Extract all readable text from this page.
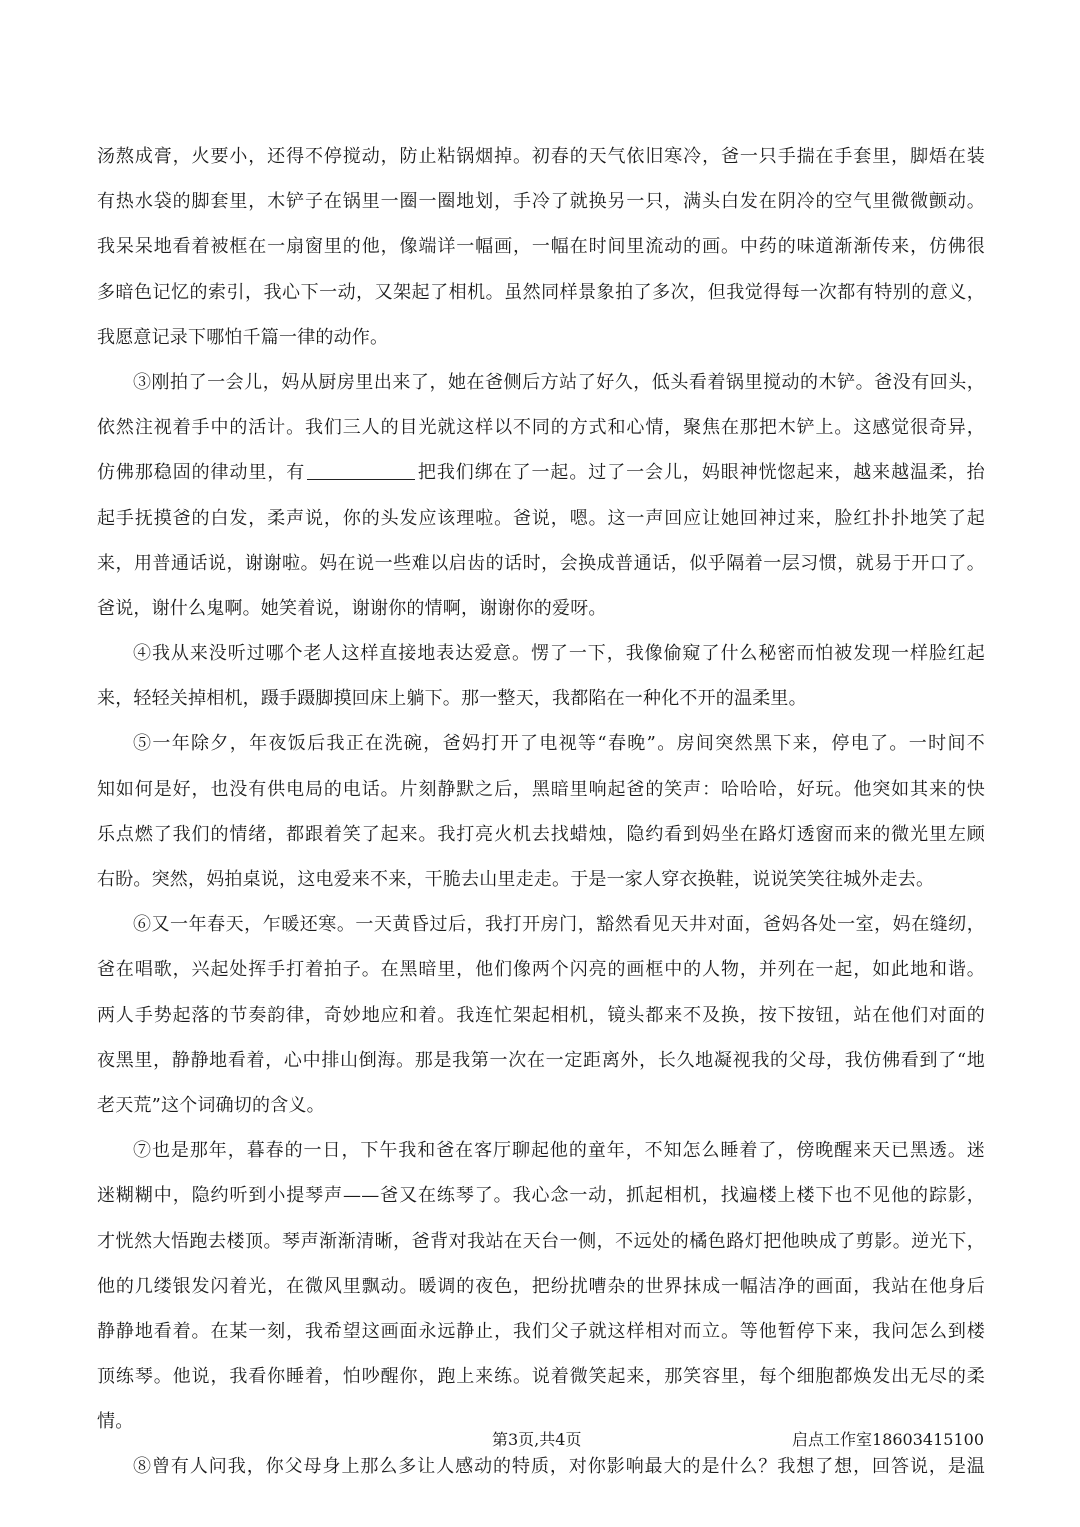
汤熬成膏，火要小，还得不停搅动，防止粘锅烟掉。初春的天气依旧寒冷，爸一只手揣在手套里，脚焐在装
有热水袋的脚套里，木铲子在锅里一圈一圈地划，手冷了就换另一只，满头白发在阴冷的空气里微微颤动。
我呆呆地看着被框在一扇窗里的他，像端详一幅画，一幅在时间里流动的画。中药的味道渐渐传来，仿佛很
多暗色记忆的索引，我心下一动，又架起了相机。虽然同样景象拍了多次，但我觉得每一次都有特别的意义，
我愿意记录下哪怕千篇一律的动作。
③刚拍了一会儿，妈从厨房里出来了，她在爸侧后方站了好久，低头看着锅里搅动的木铲。爸没有回头，
依然注视着手中的活计。我们三人的目光就这样以不同的方式和心情，聚焦在那把木铲上。这感觉很奇异，
仿佛那稳固的律动里，有	把我们绑在了一起。过了一会儿，妈眼神恍惚起来，越来越温柔，抬
起手抚摸爸的白发，柔声说，你的头发应该理啦。爸说，嗯。这一声回应让她回神过来，脸红扑扑地笑了起
来，用普通话说，谢谢啦。妈在说一些难以启齿的话时，会换成普通话，似乎隔着一层习惯，就易于开口了。
爸说，谢什么鬼啊。她笑着说，谢谢你的情啊，谢谢你的爱呀。
④我从来没听过哪个老人这样直接地表达爱意。愣了一下，我像偷窥了什么秘密而怕被发现一样脸红起
来，轻轻关掉相机，蹑手蹑脚摸回床上躺下。那一整天，我都陷在一种化不开的温柔里。
⑤一年除夕，年夜饭后我正在洗碗，爸妈打开了电视等“春晚”。房间突然黑下来，停电了。一时间不
知如何是好，也没有供电局的电话。片刻静默之后，黑暗里响起爸的笑声：哈哈哈，好玩。他突如其来的快
乐点燃了我们的情绪，都跟着笑了起来。我打亮火机去找蜡烛，隐约看到妈坐在路灯透窗而来的微光里左顾
右盼。突然，妈拍桌说，这电爱来不来，干脆去山里走走。于是一家人穿衣换鞋，说说笑笑往城外走去。
⑥又一年春天，乍暖还寒。一天黄昏过后，我打开房门，豁然看见天井对面，爸妈各处一室，妈在缝纫，
爸在唱歌，兴起处挥手打着拍子。在黑暗里，他们像两个闪亮的画框中的人物，并列在一起，如此地和谐。
两人手势起落的节奏韵律，奇妙地应和着。我连忙架起相机，镜头都来不及换，按下按钮，站在他们对面的
夜黑里，静静地看着，心中排山倒海。那是我第一次在一定距离外，长久地凝视我的父母，我仿佛看到了“地
老天荒”这个词确切的含义。
⑦也是那年，暮春的一日，下午我和爸在客厅聊起他的童年，不知怎么睡着了，傍晚醒来天已黑透。迷
迷糊糊中，隐约听到小提琴声——爸又在练琴了。我心念一动，抓起相机，找遍楼上楼下也不见他的踪影，
才恍然大悟跑去楼顶。琴声渐渐清晰，爸背对我站在天台一侧，不远处的橘色路灯把他映成了剪影。逆光下，
他的几缕银发闪着光，在微风里飘动。暖调的夜色，把纷扰嘈杂的世界抹成一幅洁净的画面，我站在他身后
静静地看着。在某一刻，我希望这画面永远静止，我们父子就这样相对而立。等他暂停下来，我问怎么到楼
顶练琴。他说，我看你睡着，怕吵醒你，跑上来练。说着微笑起来，那笑容里，每个细胞都焕发出无尽的柔
情。
⑧曾有人问我，你父母身上那么多让人感动的特质，对你影响最大的是什么？我想了想，回答说，是温
第3页,共4页	启点工作室18603415100
